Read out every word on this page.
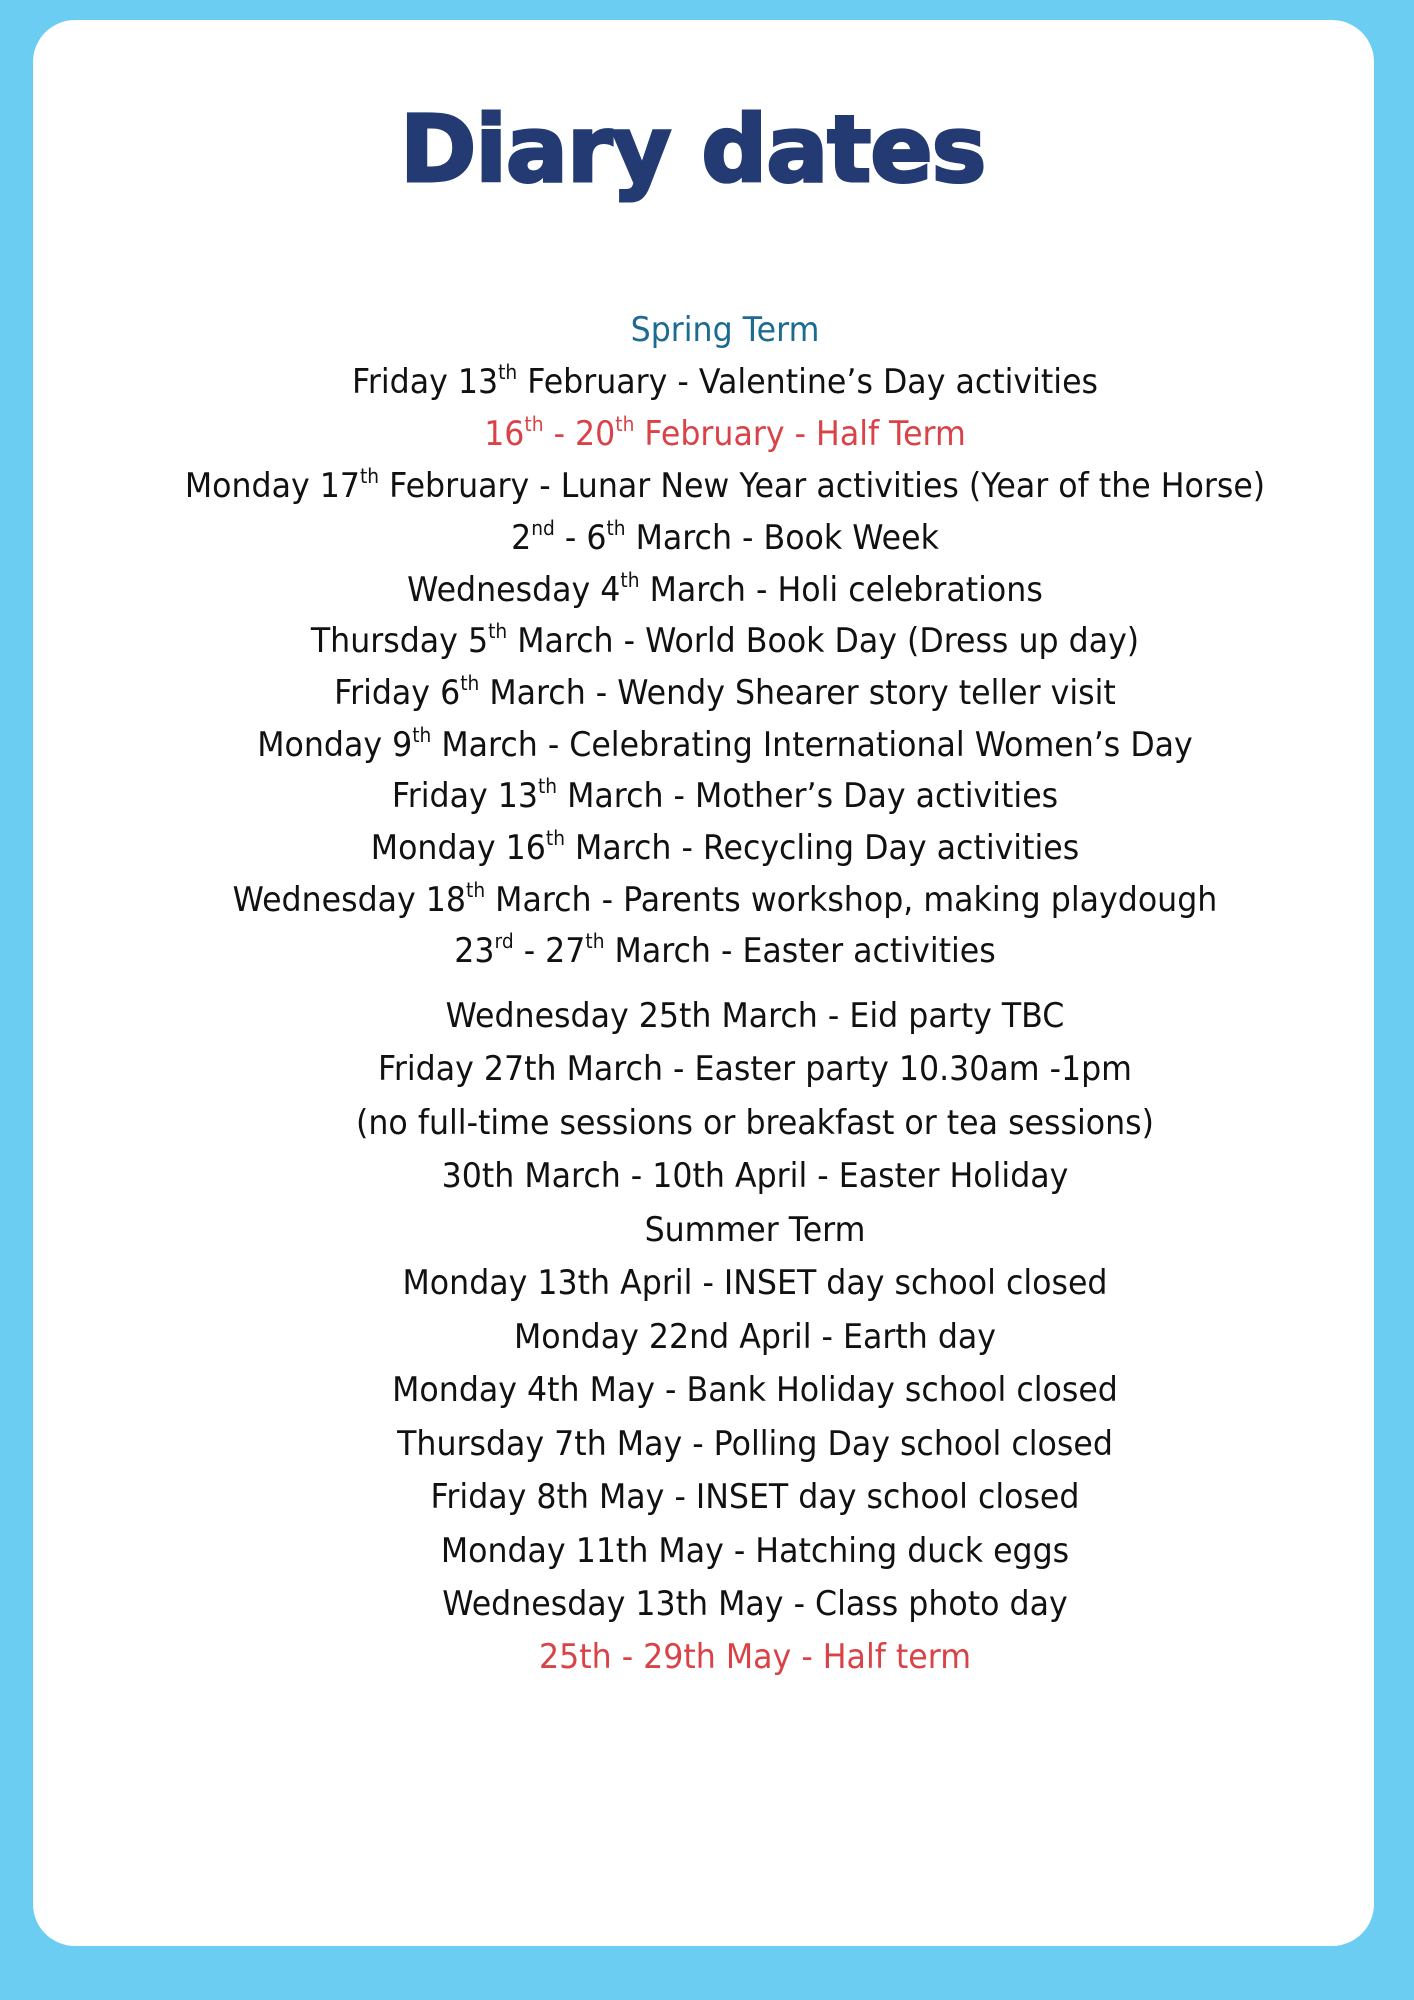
Diary dates
Spring Term
Friday 13th February - Valentine’s Day activities
16th - 20th February - Half Term
Monday 17th February - Lunar New Year activities (Year of the Horse)
2nd - 6th March - Book Week
Wednesday 4th March - Holi celebrations
Thursday 5th March - World Book Day (Dress up day)
Friday 6th March - Wendy Shearer story teller visit
Monday 9th March - Celebrating International Women’s Day
Friday 13th March - Mother’s Day activities
Monday 16th March - Recycling Day activities
Wednesday 18th March - Parents workshop, making playdough
23rd - 27th March - Easter activities
Wednesday 25th March - Eid party TBC
Friday 27th March - Easter party 10.30am -1pm
(no full-time sessions or breakfast or tea sessions)
30th March - 10th April - Easter Holiday
Summer Term
Monday 13th April - INSET day school closed
Monday 22nd April - Earth day
Monday 4th May - Bank Holiday school closed
Thursday 7th May - Polling Day school closed
Friday 8th May - INSET day school closed
Monday 11th May - Hatching duck eggs
Wednesday 13th May - Class photo day
25th - 29th May - Half term
